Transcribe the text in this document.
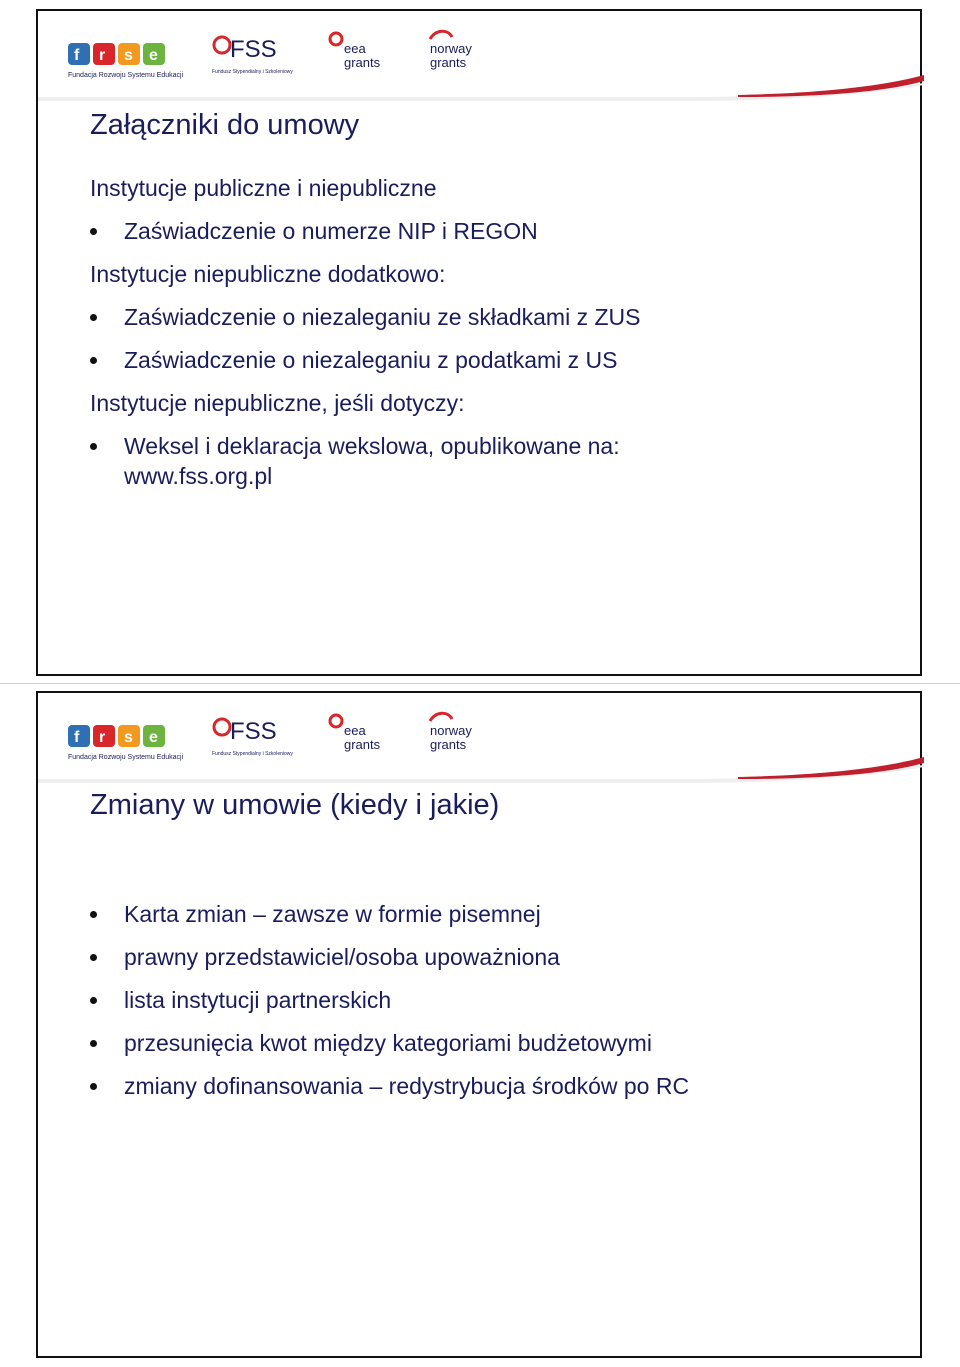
f r s e
Fundacja Rozwoju Systemu Edukacji
FSS
Fundusz Stypendialny i Szkoleniowy
eea
grants
norway
grants
Załączniki do umowy
Instytucje publiczne i niepubliczne
Zaświadczenie o numerze NIP i REGON
Instytucje niepubliczne dodatkowo:
Zaświadczenie o niezaleganiu ze składkami z ZUS
Zaświadczenie o niezaleganiu z podatkami z US
Instytucje niepubliczne, jeśli dotyczy:
Weksel i deklaracja wekslowa, opublikowane na:
www.fss.org.pl
f r s e
Fundacja Rozwoju Systemu Edukacji
FSS
Fundusz Stypendialny i Szkoleniowy
eea
grants
norway
grants
Zmiany w umowie (kiedy i jakie)
Karta zmian – zawsze w formie pisemnej
prawny przedstawiciel/osoba upoważniona
lista instytucji partnerskich
przesunięcia kwot między kategoriami budżetowymi
zmiany dofinansowania – redystrybucja środków po RC
